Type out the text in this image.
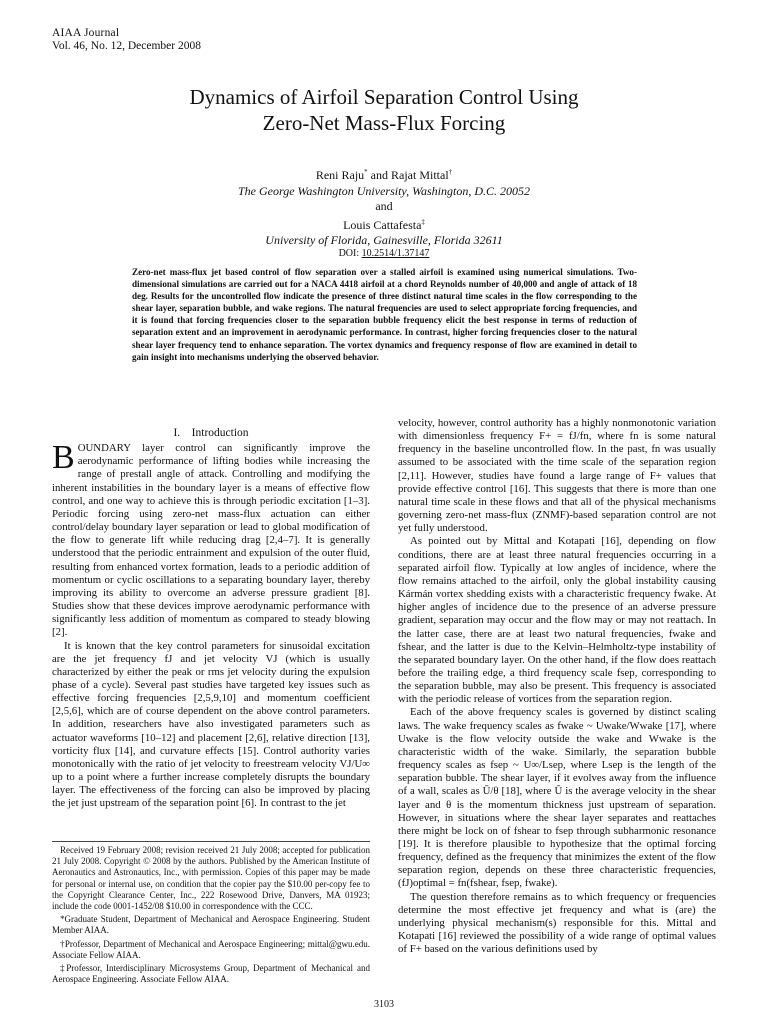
AIAA Journal
Vol. 46, No. 12, December 2008
Dynamics of Airfoil Separation Control Using
Zero-Net Mass-Flux Forcing
Reni Raju* and Rajat Mittal†
The George Washington University, Washington, D.C. 20052
and
Louis Cattafesta‡
University of Florida, Gainesville, Florida 32611
DOI: 10.2514/1.37147
Zero-net mass-flux jet based control of flow separation over a stalled airfoil is examined using numerical simulations. Two-dimensional simulations are carried out for a NACA 4418 airfoil at a chord Reynolds number of 40,000 and angle of attack of 18 deg. Results for the uncontrolled flow indicate the presence of three distinct natural time scales in the flow corresponding to the shear layer, separation bubble, and wake regions. The natural frequencies are used to select appropriate forcing frequencies, and it is found that forcing frequencies closer to the separation bubble frequency elicit the best response in terms of reduction of separation extent and an improvement in aerodynamic performance. In contrast, higher forcing frequencies closer to the natural shear layer frequency tend to enhance separation. The vortex dynamics and frequency response of flow are examined in detail to gain insight into mechanisms underlying the observed behavior.
I. Introduction

BOUNDARY layer control can significantly improve the aerodynamic performance of lifting bodies while increasing the range of prestall angle of attack. Controlling and modifying the inherent instabilities in the boundary layer is a means of effective flow control, and one way to achieve this is through periodic excitation [1–3]. Periodic forcing using zero-net mass-flux actuation can either control/delay boundary layer separation or lead to global modification of the flow to generate lift while reducing drag [2,4–7]. It is generally understood that the periodic entrainment and expulsion of the outer fluid, resulting from enhanced vortex formation, leads to a periodic addition of momentum or cyclic oscillations to a separating boundary layer, thereby improving its ability to overcome an adverse pressure gradient [8]. Studies show that these devices improve aerodynamic performance with significantly less addition of momentum as compared to steady blowing [2].

It is known that the key control parameters for sinusoidal excitation are the jet frequency fJ and jet velocity VJ (which is usually characterized by either the peak or rms jet velocity during the expulsion phase of a cycle). Several past studies have targeted key issues such as effective forcing frequencies [2,5,9,10] and momentum coefficient [2,5,6], which are of course dependent on the above control parameters. In addition, researchers have also investigated parameters such as actuator waveforms [10–12] and placement [2,6], relative direction [13], vorticity flux [14], and curvature effects [15]. Control authority varies monotonically with the ratio of jet velocity to freestream velocity VJ/U∞ up to a point where a further increase completely disrupts the boundary layer. The effectiveness of the forcing can also be improved by placing the jet just upstream of the separation point [6]. In contrast to the jet

Received 19 February 2008; revision received 21 July 2008; accepted for publication 21 July 2008. Copyright © 2008 by the authors. Published by the American Institute of Aeronautics and Astronautics, Inc., with permission. Copies of this paper may be made for personal or internal use, on condition that the copier pay the $10.00 per-copy fee to the Copyright Clearance Center, Inc., 222 Rosewood Drive, Danvers, MA 01923; include the code 0001-1452/08 $10.00 in correspondence with the CCC.

*Graduate Student, Department of Mechanical and Aerospace Engineering. Student Member AIAA.

†Professor, Department of Mechanical and Aerospace Engineering; mittal@gwu.edu. Associate Fellow AIAA.

‡Professor, Interdisciplinary Microsystems Group, Department of Mechanical and Aerospace Engineering. Associate Fellow AIAA.

velocity, however, control authority has a highly nonmonotonic variation with dimensionless frequency F+ = fJ/fn, where fn is some natural frequency in the baseline uncontrolled flow. In the past, fn was usually assumed to be associated with the time scale of the separation region [2,11]. However, studies have found a large range of F+ values that provide effective control [16]. This suggests that there is more than one natural time scale in these flows and that all of the physical mechanisms governing zero-net mass-flux (ZNMF)-based separation control are not yet fully understood.

As pointed out by Mittal and Kotapati [16], depending on flow conditions, there are at least three natural frequencies occurring in a separated airfoil flow. Typically at low angles of incidence, where the flow remains attached to the airfoil, only the global instability causing Kármán vortex shedding exists with a characteristic frequency fwake. At higher angles of incidence due to the presence of an adverse pressure gradient, separation may occur and the flow may or may not reattach. In the latter case, there are at least two natural frequencies, fwake and fshear, and the latter is due to the Kelvin–Helmholtz-type instability of the separated boundary layer. On the other hand, if the flow does reattach before the trailing edge, a third frequency scale fsep, corresponding to the separation bubble, may also be present. This frequency is associated with the periodic release of vortices from the separation region.

Each of the above frequency scales is governed by distinct scaling laws. The wake frequency scales as fwake ~ Uwake/Wwake [17], where Uwake is the flow velocity outside the wake and Wwake is the characteristic width of the wake. Similarly, the separation bubble frequency scales as fsep ~ U∞/Lsep, where Lsep is the length of the separation bubble. The shear layer, if it evolves away from the influence of a wall, scales as Ū/θ [18], where Ū is the average velocity in the shear layer and θ is the momentum thickness just upstream of separation. However, in situations where the shear layer separates and reattaches there might be lock on of fshear to fsep through subharmonic resonance [19]. It is therefore plausible to hypothesize that the optimal forcing frequency, defined as the frequency that minimizes the extent of the flow separation region, depends on these three characteristic frequencies, (fJ)optimal = fn(fshear, fsep, fwake).

The question therefore remains as to which frequency or frequencies determine the most effective jet frequency and what is (are) the underlying physical mechanism(s) responsible for this. Mittal and Kotapati [16] reviewed the possibility of a wide range of optimal values of F+ based on the various definitions used by

3103
